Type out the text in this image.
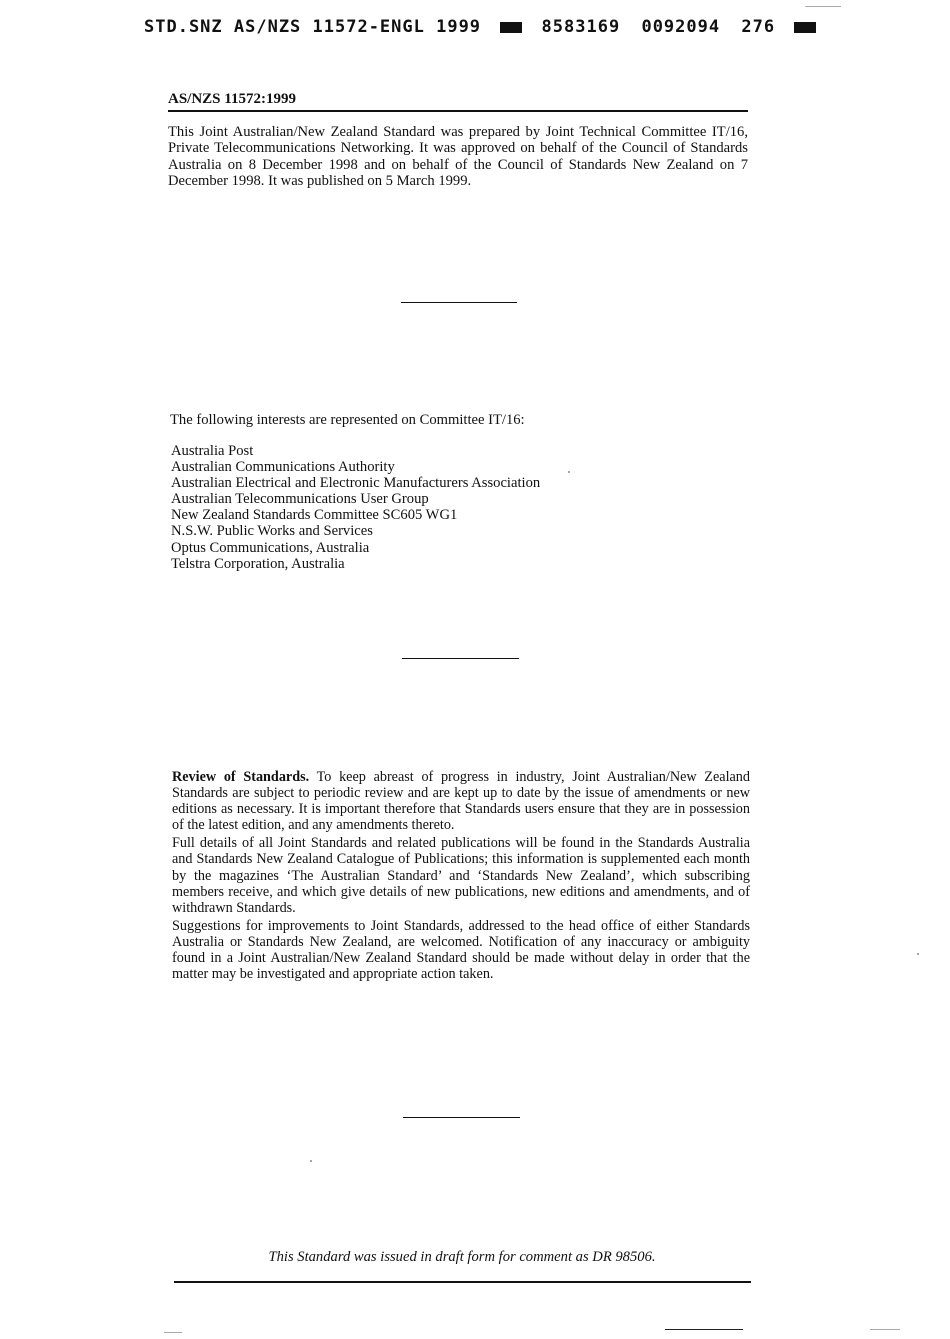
STD.SNZ AS/NZS 11572-ENGL 1999	8583169 0092094 276
AS/NZS 11572:1999

This Joint Australian/New Zealand Standard was prepared by Joint Technical Committee IT/16, Private Telecommunications Networking. It was approved on behalf of the Council of Standards Australia on 8 December 1998 and on behalf of the Council of Standards New Zealand on 7 December 1998. It was published on 5 March 1999.

The following interests are represented on Committee IT/16:

Australia Post
Australian Communications Authority
Australian Electrical and Electronic Manufacturers Association
Australian Telecommunications User Group
New Zealand Standards Committee SC605 WG1
N.S.W. Public Works and Services
Optus Communications, Australia
Telstra Corporation, Australia

Review of Standards. To keep abreast of progress in industry, Joint Australian/New Zealand Standards are subject to periodic review and are kept up to date by the issue of amendments or new editions as necessary. It is important therefore that Standards users ensure that they are in possession of the latest edition, and any amendments thereto.

Full details of all Joint Standards and related publications will be found in the Standards Australia and Standards New Zealand Catalogue of Publications; this information is supplemented each month by the magazines ‘The Australian Standard’ and ‘Standards New Zealand’, which subscribing members receive, and which give details of new publications, new editions and amendments, and of withdrawn Standards.

Suggestions for improvements to Joint Standards, addressed to the head office of either Standards Australia or Standards New Zealand, are welcomed. Notification of any inaccuracy or ambiguity found in a Joint Australian/New Zealand Standard should be made without delay in order that the matter may be investigated and appropriate action taken.

This Standard was issued in draft form for comment as DR 98506.
